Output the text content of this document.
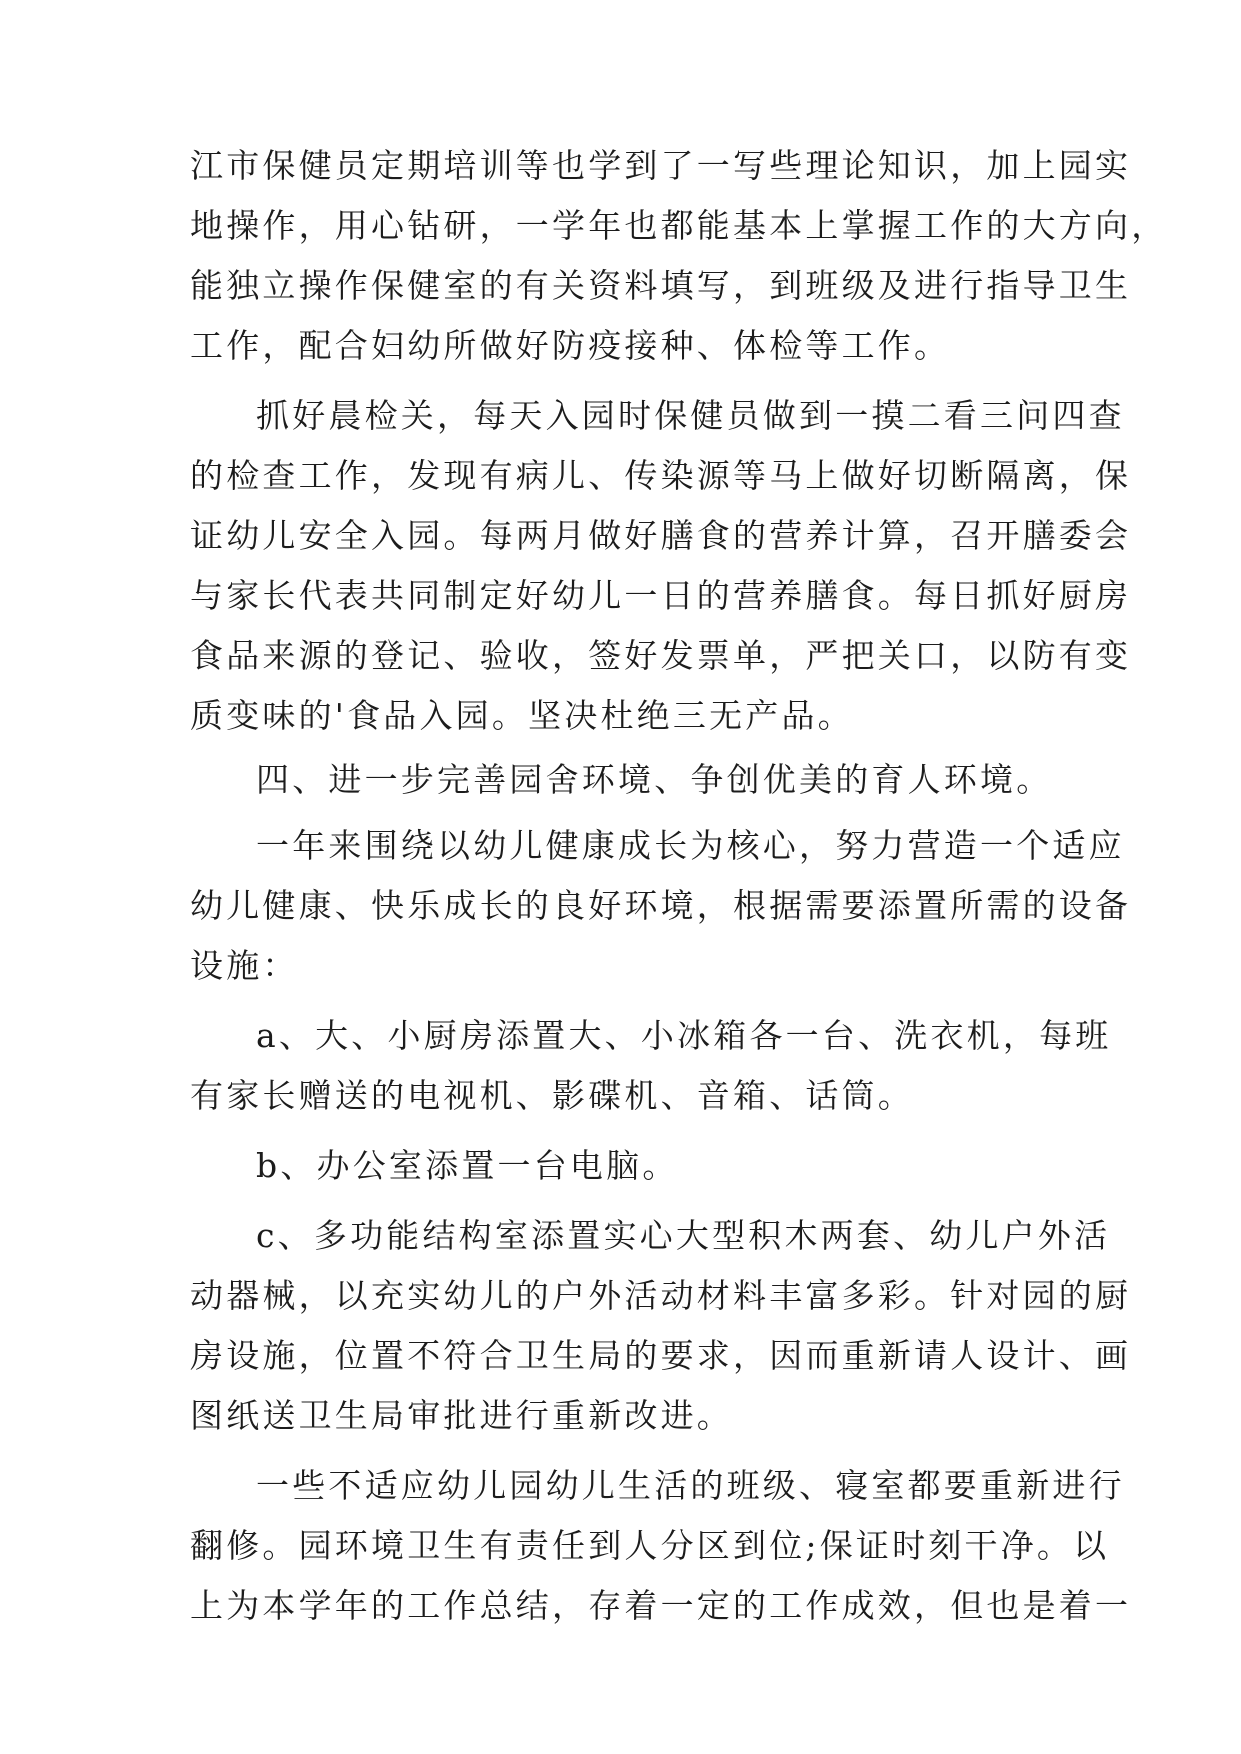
江市保健员定期培训等也学到了一写些理论知识，加上园实
地操作，用心钻研，一学年也都能基本上掌握工作的大方向，
能独立操作保健室的有关资料填写，到班级及进行指导卫生
工作，配合妇幼所做好防疫接种、体检等工作。
抓好晨检关，每天入园时保健员做到一摸二看三问四查
的检查工作，发现有病儿、传染源等马上做好切断隔离，保
证幼儿安全入园。每两月做好膳食的营养计算，召开膳委会
与家长代表共同制定好幼儿一日的营养膳食。每日抓好厨房
食品来源的登记、验收，签好发票单，严把关口，以防有变
质变味的'食品入园。坚决杜绝三无产品。
四、进一步完善园舍环境、争创优美的育人环境。
一年来围绕以幼儿健康成长为核心，努力营造一个适应
幼儿健康、快乐成长的良好环境，根据需要添置所需的设备
设施：
a、大、小厨房添置大、小冰箱各一台、洗衣机，每班
有家长赠送的电视机、影碟机、音箱、话筒。
b、办公室添置一台电脑。
c、多功能结构室添置实心大型积木两套、幼儿户外活
动器械，以充实幼儿的户外活动材料丰富多彩。针对园的厨
房设施，位置不符合卫生局的要求，因而重新请人设计、画
图纸送卫生局审批进行重新改进。
一些不适应幼儿园幼儿生活的班级、寝室都要重新进行
翻修。园环境卫生有责任到人分区到位;保证时刻干净。以
上为本学年的工作总结，存着一定的工作成效，但也是着一
